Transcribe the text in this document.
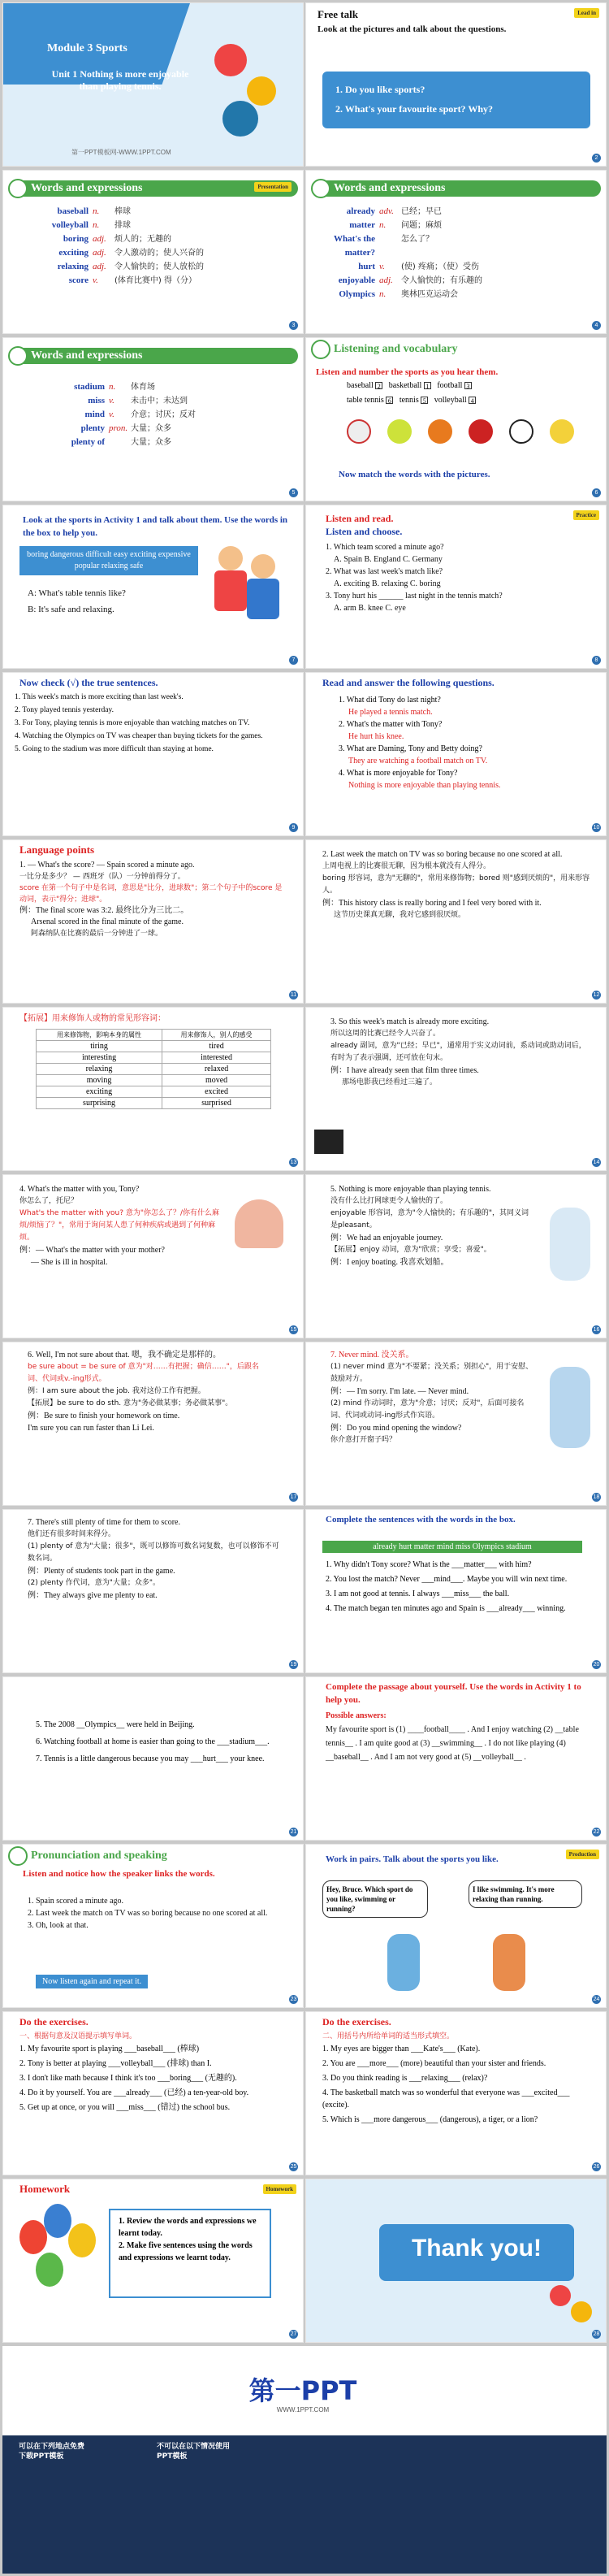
Module 3 Sports
Unit 1 Nothing is more enjoyable than playing tennis.
第一PPT模板网-WWW.1PPT.COM
Lead in
Free talk
Look at the pictures and talk about the questions.
1. Do you like sports?
2. What's your favourite sport? Why?
2
Words and expressions	Presentation
baseball n.	棒球
volleyball n.	排球
boring adj.	烦人的；无趣的
exciting adj.	令人激动的；使人兴奋的
relaxing adj.	令人愉快的；使人放松的
score v.	(体育比赛中) 得（分）
3
Words and expressions
already adv. 已经；早已
matter n.	问题；麻烦
What's the matter?
怎么了？
hurt v.	(使) 疼痛；（使）受伤
enjoyable adj.	令人愉快的；有乐趣的
Olympics n.	奥林匹克运动会
4
Words and expressions
stadium n.	体育场
miss v.	未击中；未达到
mind v.	介意；讨厌；反对
plenty pron. 大量；众多
plenty of	大量；众多
5
Listening and vocabulary
Listen and number the sports as you hear them.
baseball 2 basketball 1 football 3
table tennis 6 tennis 5 volleyball 4
Now match the words with the pictures.
6
Look at the sports in Activity 1 and talk about them. Use the words in the box to help you.
boring dangerous difficult easy exciting expensive popular relaxing safe
A: What's table tennis like?
B: It's safe and relaxing.
7
Listen and read.	Practice
Listen and choose.
1. Which team scored a minute ago?
A. Spain B. England C. Germany
2. What was last week's match like?
A. exciting B. relaxing C. boring
3. Tony hurt his ______ last night in the tennis match?
A. arm B. knee C. eye
8
Now check (√) the true sentences.
1. This week's match is more exciting than last week's.
2. Tony played tennis yesterday.
3. For Tony, playing tennis is more enjoyable than watching matches on TV.
4. Watching the Olympics on TV was cheaper than buying tickets for the games.
5. Going to the stadium was more difficult than staying at home.
9
Read and answer the following questions.
1. What did Tony do last night?
He played a tennis match.
2. What's the matter with Tony?
He hurt his knee.
3. What are Daming, Tony and Betty doing?
They are watching a football match on TV.
4. What is more enjoyable for Tony?
Nothing is more enjoyable than playing tennis.
10
Language points
1. — What's the score? — Spain scored a minute ago.
一比分是多少？ — 西班牙（队）一分钟前得分了。
score 在第一个句子中是名词，意思是"比分，进球数"；第二个句子中的score 是动词，表示"得分；进球"。
例：The final score was 3:2. 最终比分为三比二。
Arsenal scored in the final minute of the game.
阿森纳队在比赛的最后一分钟进了一球。
11
2. Last week the match on TV was so boring because no one scored at all.
上周电视上的比赛很无聊，因为根本就没有人得分。
boring 形容词，意为"无聊的"，常用来修饰物；bored 则"感到厌烦的"，用来形容人。
例：This history class is really boring and I feel very bored with it.
这节历史课真无聊，我对它感到很厌烦。
12
【拓展】用来修饰人或物的常见形容词：
用来修饰物，影响本身的属性	用来修饰人，别人的感受
tiring	tired
interesting	interested
relaxing	relaxed
moving	moved
exciting	excited
surprising	surprised
13
3. So this week's match is already more exciting.
所以这周的比赛已经令人兴奋了。
already 副词，意为"已经；早已"，通常用于实义动词前，系动词或助动词后，有时为了表示强调，还可放在句末。
例：I have already seen that film three times.
那场电影我已经看过三遍了。
14
4. What's the matter with you, Tony?
你怎么了，托尼？
What's the matter with you? 意为"你怎么了？/你有什么麻烦/烦恼了？"，常用于询问某人患了何种疾病或遇到了何种麻烦。
例：— What's the matter with your mother?
— She is ill in hospital.
15
5. Nothing is more enjoyable than playing tennis.
没有什么比打网球更令人愉快的了。
enjoyable 形容词，意为"令人愉快的；有乐趣的"，其同义词是pleasant。
例：We had an enjoyable journey.
【拓展】enjoy 动词，意为"欣赏；享受；喜爱"。
例：I enjoy boating. 我喜欢划船。
16
6. Well, I'm not sure about that. 嗯，我不确定是那样的。
be sure about = be sure of 意为"对……有把握；确信……"，后跟名词、代词或v.-ing形式。
例：I am sure about the job. 我对这份工作有把握。
【拓展】be sure to do sth. 意为"务必做某事；务必做某事"。
例：Be sure to finish your homework on time.
I'm sure you can run faster than Li Lei.
17
7. Never mind. 没关系。
(1) never mind 意为"不要紧；没关系；别担心"，用于安慰、鼓励对方。
例：— I'm sorry. I'm late. — Never mind.
(2) mind 作动词时，意为"介意；讨厌；反对"，后面可接名词、代词或动词-ing形式作宾语。
例：Do you mind opening the window?
你介意打开窗子吗？
18
7. There's still plenty of time for them to score.
他们还有很多时间来得分。
(1) plenty of 意为"大量；很多"，既可以修饰可数名词复数，也可以修饰不可数名词。
例：Plenty of students took part in the game.
(2) plenty 作代词，意为"大量；众多"。
例：They always give me plenty to eat.
19
Complete the sentences with the words in the box.
already hurt matter mind miss Olympics stadium
1. Why didn't Tony score? What is the ___matter___ with him?
2. You lost the match? Never ___mind___. Maybe you will win next time.
3. I am not good at tennis. I always ___miss___ the ball.
4. The match began ten minutes ago and Spain is ___already___ winning.
20
5. The 2008 __Olympics__ were held in Beijing.
6. Watching football at home is easier than going to the ___stadium___.
7. Tennis is a little dangerous because you may ___hurt___ your knee.
21
Complete the passage about yourself. Use the words in Activity 1 to help you.
Possible answers:
My favourite sport is (1) ____football____ . And I enjoy watching (2) __table tennis__ . I am quite good at (3) __swimming__ . I do not like playing (4) __baseball__ . And I am not very good at (5) __volleyball__ .
22
Pronunciation and speaking
Listen and notice how the speaker links the words.
1. Spain scored a minute ago.
2. Last week the match on TV was so boring because no one scored at all.
3. Oh, look at that.
Now listen again and repeat it.
23
Production
Work in pairs. Talk about the sports you like.
Hey, Bruce. Which sport do you like, swimming or running?
I like swimming. It's more relaxing than running.
24
Do the exercises.
一、根据句意及汉语提示填写单词。
1. My favourite sport is playing ___baseball___ (棒球)
2. Tony is better at playing ___volleyball___ (排球) than I.
3. I don't like math because I think it's too ___boring___ (无趣的).
4. Do it by yourself. You are ___already___ (已经) a ten-year-old boy.
5. Get up at once, or you will ___miss___ (错过) the school bus.
25
Do the exercises.
二、用括号内所给单词的适当形式填空。
1. My eyes are bigger than ___Kate's___ (Kate).
2. You are ___more___ (more) beautiful than your sister and friends.
3. Do you think reading is ___relaxing___ (relax)?
4. The basketball match was so wonderful that everyone was ___excited___ (excite).
5. Which is ___more dangerous___ (dangerous), a tiger, or a lion?
26
Homework	Homework
1. Review the words and expressions we learnt today.
2. Make five sentences using the words and expressions we learnt today.
27
Thank you!
28
第一PPT
WWW.1PPT.COM
可以在下列地点免费
下载PPT模板
不可以在以下情况使用
PPT模板
